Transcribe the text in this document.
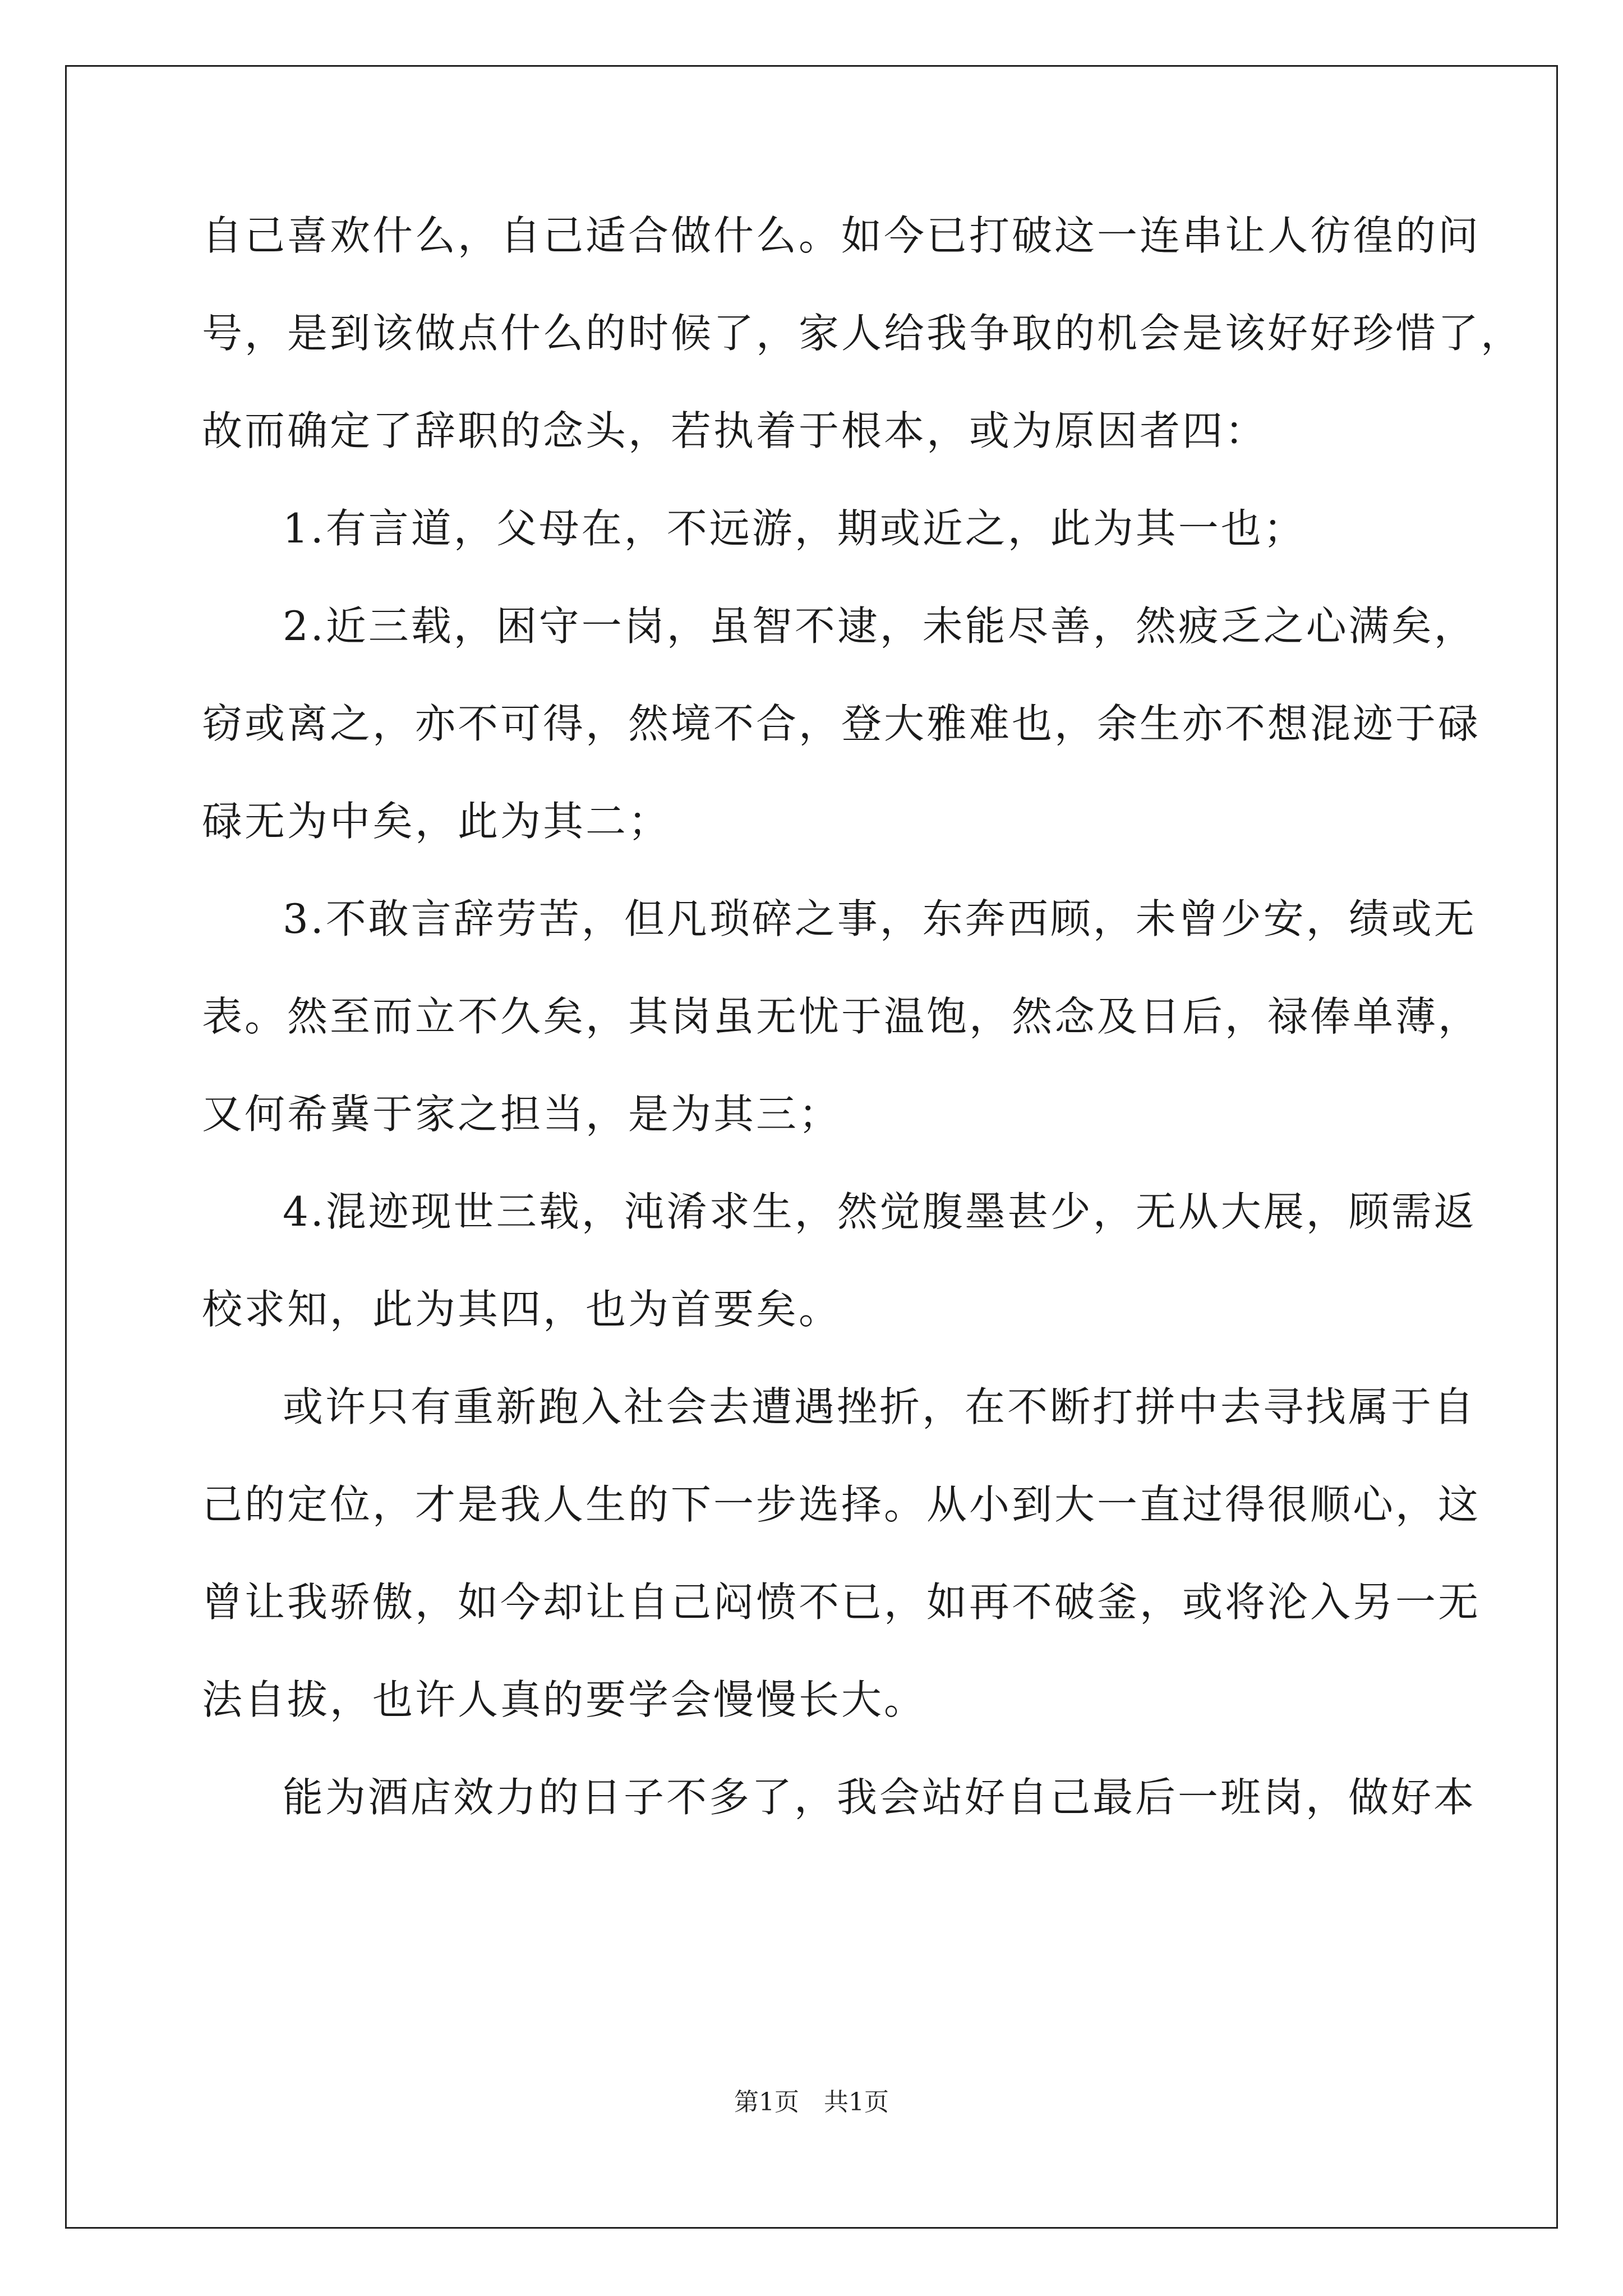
自己喜欢什么，自己适合做什么。如今已打破这一连串让人彷徨的问
号，是到该做点什么的时候了，家人给我争取的机会是该好好珍惜了，
故而确定了辞职的念头，若执着于根本，或为原因者四：
1.有言道，父母在，不远游，期或近之，此为其一也；
2.近三载，困守一岗，虽智不逮，未能尽善，然疲乏之心满矣，
窃或离之，亦不可得，然境不合，登大雅难也，余生亦不想混迹于碌
碌无为中矣，此为其二；
3.不敢言辞劳苦，但凡琐碎之事，东奔西顾，未曾少安，绩或无
表。然至而立不久矣，其岗虽无忧于温饱，然念及日后，禄俸单薄，
又何希冀于家之担当，是为其三；
4.混迹现世三载，沌淆求生，然觉腹墨甚少，无从大展，顾需返
校求知，此为其四，也为首要矣。
或许只有重新跑入社会去遭遇挫折，在不断打拼中去寻找属于自
己的定位，才是我人生的下一步选择。从小到大一直过得很顺心，这
曾让我骄傲，如今却让自己闷愤不已，如再不破釜，或将沦入另一无
法自拔，也许人真的要学会慢慢长大。
能为酒店效力的日子不多了，我会站好自己最后一班岗，做好本
第1页　共1页
